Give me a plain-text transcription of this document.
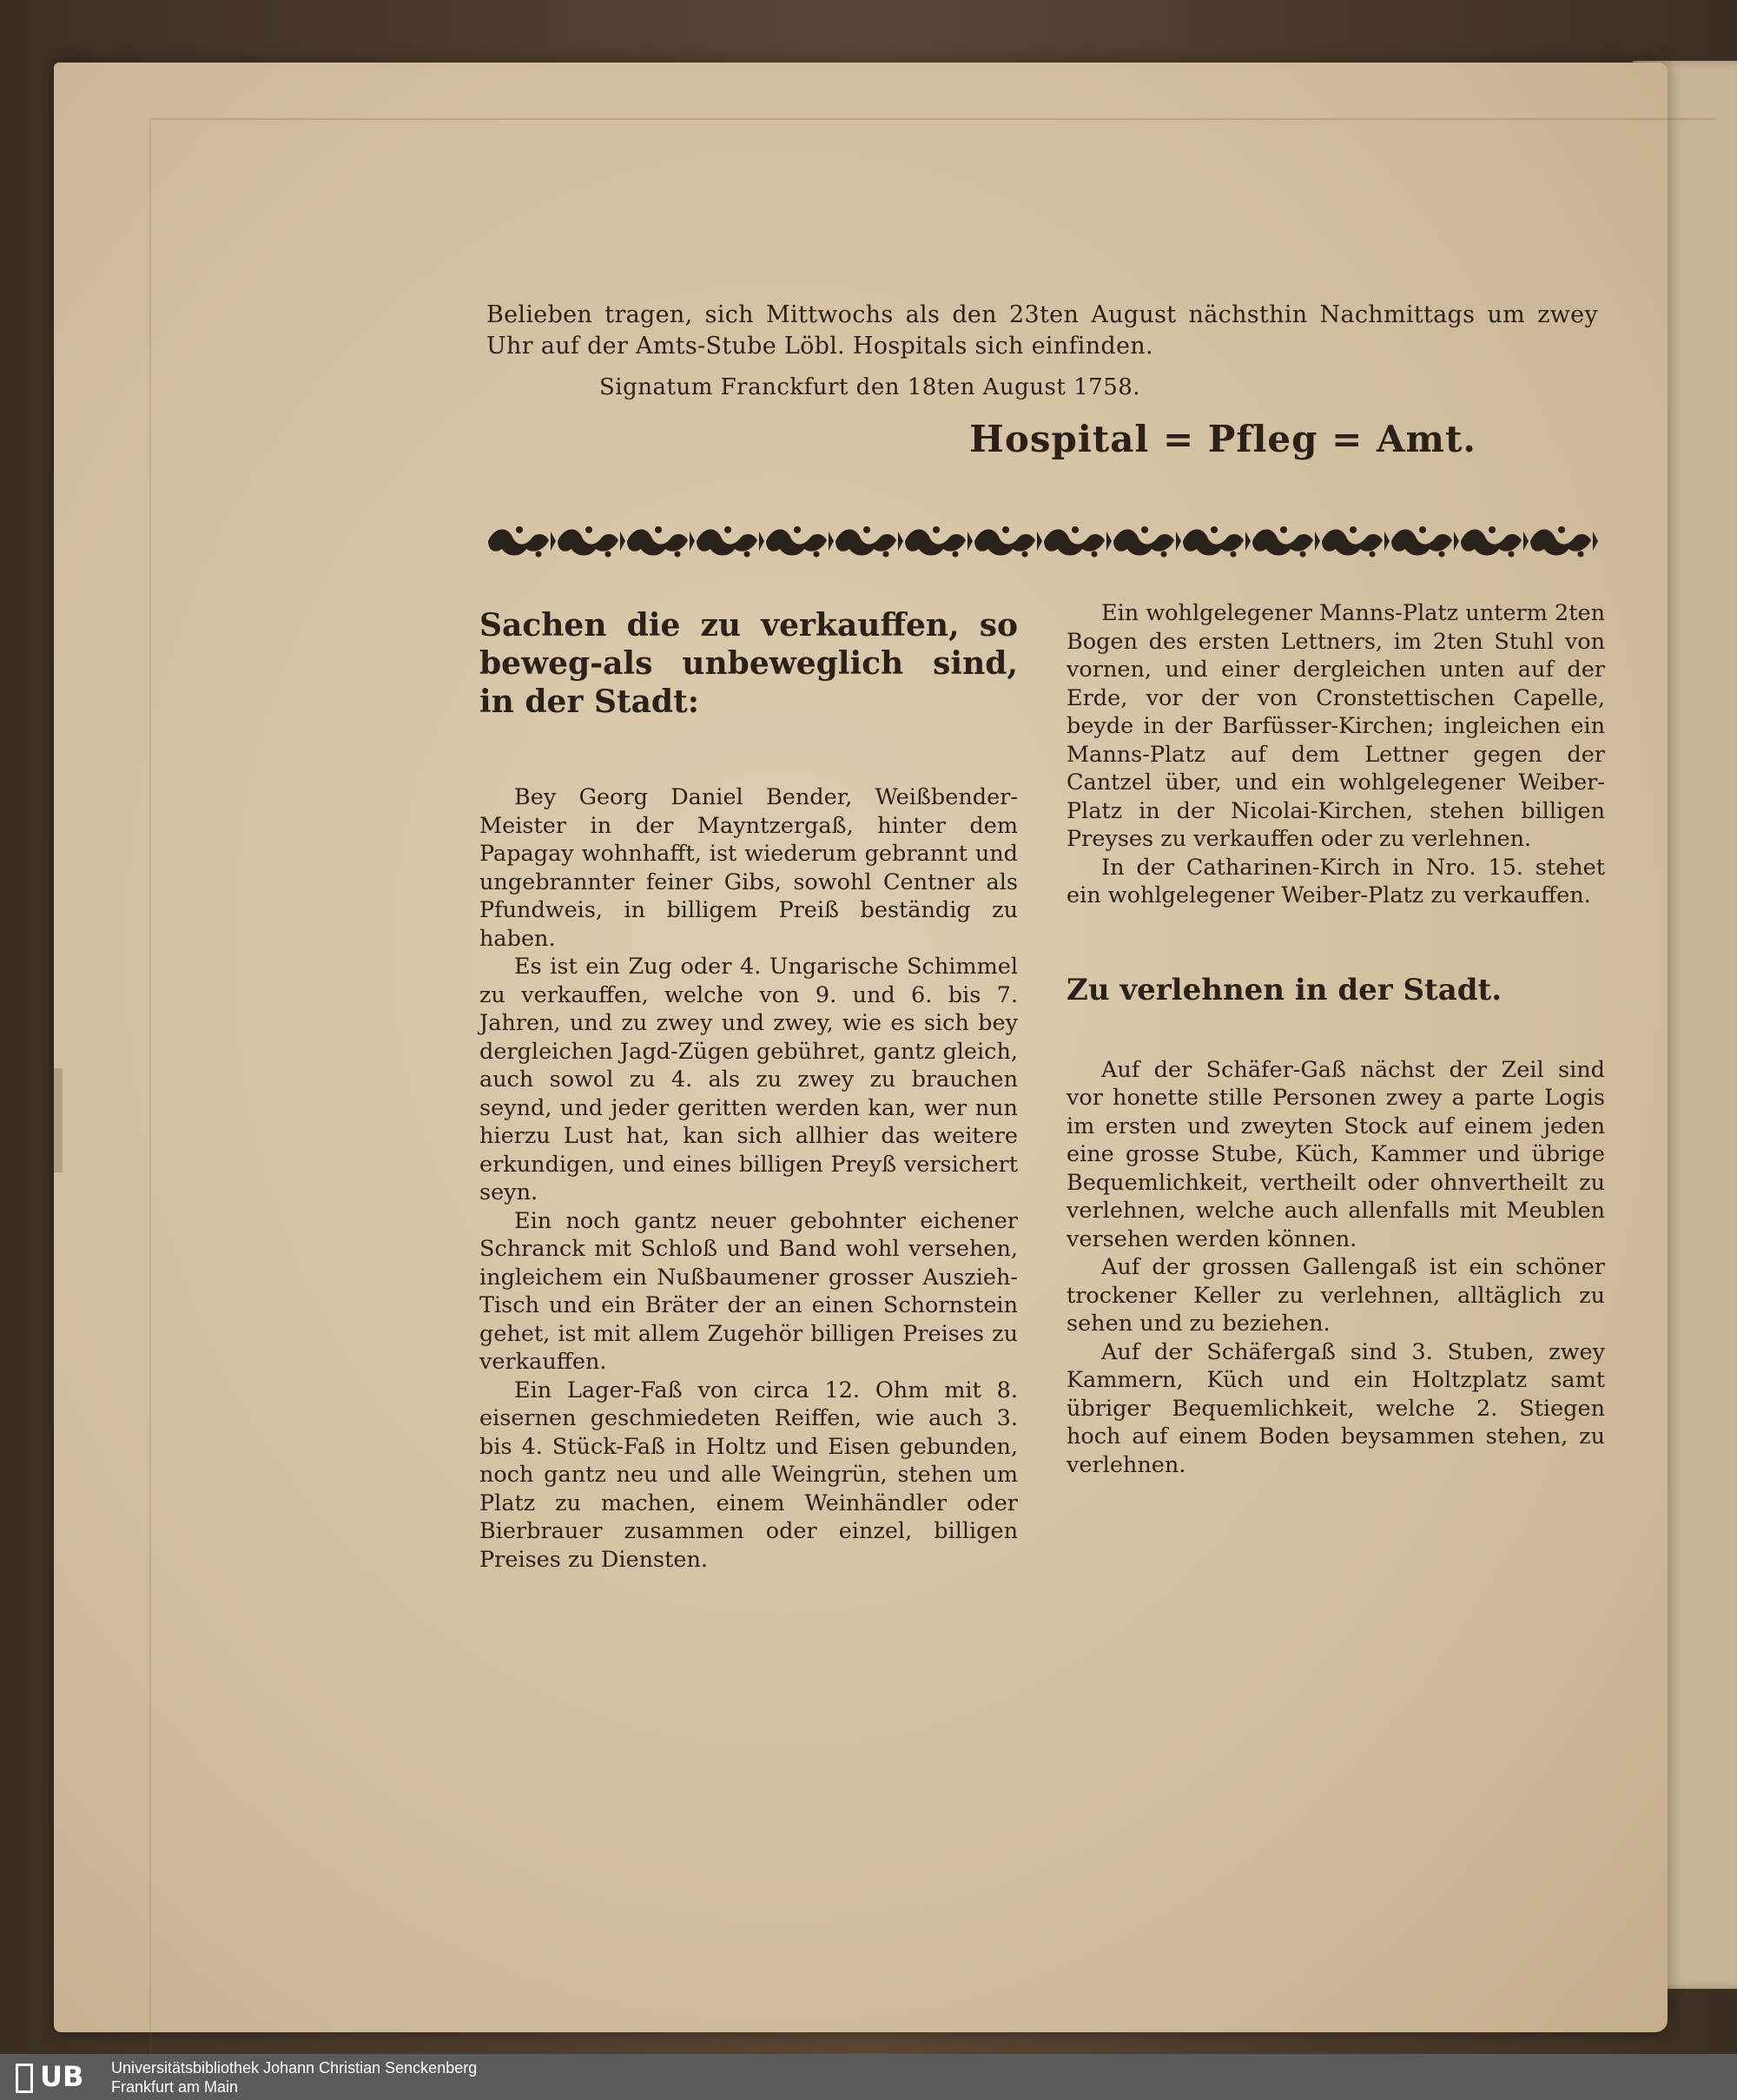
Belieben tragen, sich Mittwochs als den 23ten August nächsthin Nachmittags um zwey Uhr auf der Amts-Stube Löbl. Hospitals sich einfinden.

Signatum Franckfurt den 18ten August 1758.
Hospital = Pfleg = Amt.

Sachen die zu verkauffen, so beweg-als unbeweglich sind, in der Stadt:

Bey Georg Daniel Bender, Weißbender-Meister in der Mayntzergaß, hinter dem Papagay wohnhafft, ist wiederum gebrannt und ungebrannter feiner Gibs, sowohl Centner als Pfundweis, in billigem Preiß beständig zu haben.

Es ist ein Zug oder 4. Ungarische Schimmel zu verkauffen, welche von 9. und 6. bis 7. Jahren, und zu zwey und zwey, wie es sich bey dergleichen Jagd-Zügen gebühret, gantz gleich, auch sowol zu 4. als zu zwey zu brauchen seynd, und jeder geritten werden kan, wer nun hierzu Lust hat, kan sich allhier das weitere erkundigen, und eines billigen Preyß versichert seyn.

Ein noch gantz neuer gebohnter eichener Schranck mit Schloß und Band wohl versehen, ingleichem ein Nußbaumener grosser Auszieh-Tisch und ein Bräter der an einen Schornstein gehet, ist mit allem Zugehör billigen Preises zu verkauffen.

Ein Lager-Faß von circa 12. Ohm mit 8. eisernen geschmiedeten Reiffen, wie auch 3. bis 4. Stück-Faß in Holtz und Eisen gebunden, noch gantz neu und alle Weingrün, stehen um Platz zu machen, einem Weinhändler oder Bierbrauer zusammen oder einzel, billigen Preises zu Diensten.

Ein wohlgelegener Manns-Platz unterm 2ten Bogen des ersten Lettners, im 2ten Stuhl von vornen, und einer dergleichen unten auf der Erde, vor der von Cronstettischen Capelle, beyde in der Barfüsser-Kirchen; ingleichen ein Manns-Platz auf dem Lettner gegen der Cantzel über, und ein wohlgelegener Weiber-Platz in der Nicolai-Kirchen, stehen billigen Preyses zu verkauffen oder zu verlehnen.

In der Catharinen-Kirch in Nro. 15. stehet ein wohlgelegener Weiber-Platz zu verkauffen.

Zu verlehnen in der Stadt.

Auf der Schäfer-Gaß nächst der Zeil sind vor honette stille Personen zwey a parte Logis im ersten und zweyten Stock auf einem jeden eine grosse Stube, Küch, Kammer und übrige Bequemlichkeit, vertheilt oder ohnvertheilt zu verlehnen, welche auch allenfalls mit Meublen versehen werden können.

Auf der grossen Gallengaß ist ein schöner trockener Keller zu verlehnen, alltäglich zu sehen und zu beziehen.

Auf der Schäfergaß sind 3. Stuben, zwey Kammern, Küch und ein Holtzplatz samt übriger Bequemlichkeit, welche 2. Stiegen hoch auf einem Boden beysammen stehen, zu verlehnen.

UB	Universitätsbibliothek Johann Christian Senckenberg
Frankfurt am Main
